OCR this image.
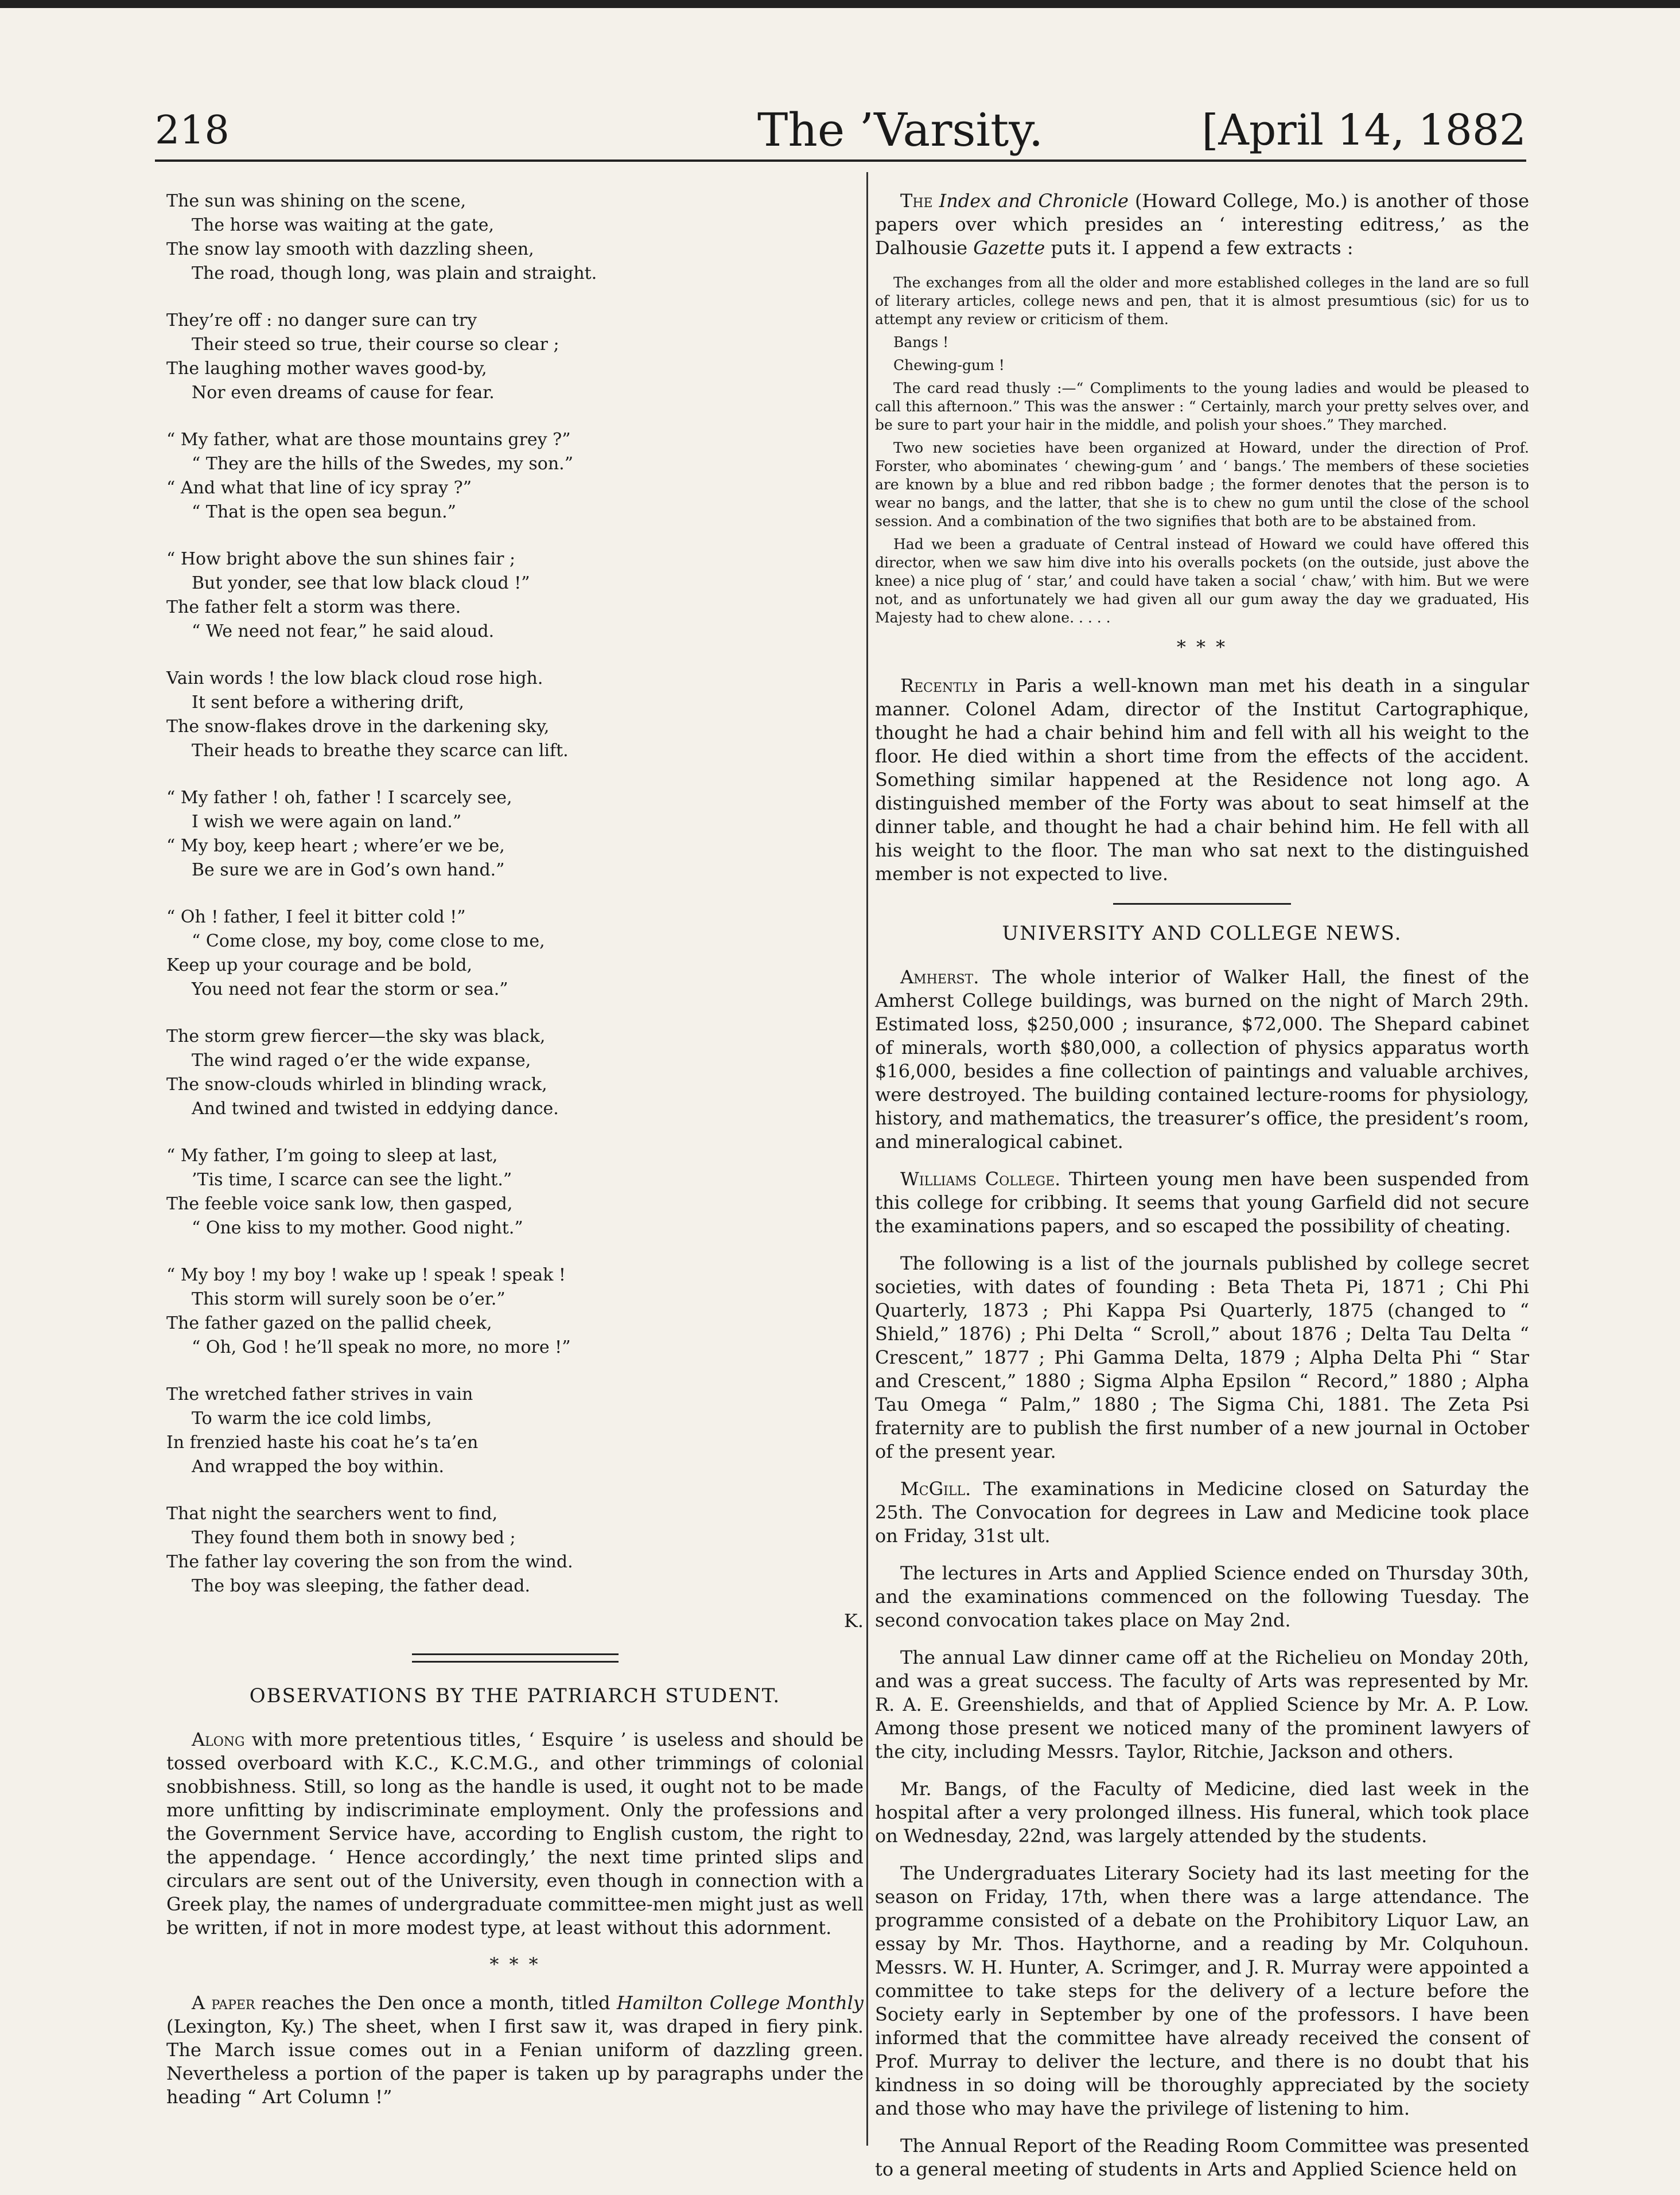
218	The ’Varsity.	[April 14, 1882
The sun was shining on the scene,
The horse was waiting at the gate,
The snow lay smooth with dazzling sheen,
The road, though long, was plain and straight.
They’re off : no danger sure can try
Their steed so true, their course so clear ;
The laughing mother waves good-by,
Nor even dreams of cause for fear.
“ My father, what are those mountains grey ?”
“ They are the hills of the Swedes, my son.”
“ And what that line of icy spray ?”
“ That is the open sea begun.”
“ How bright above the sun shines fair ;
But yonder, see that low black cloud !”
The father felt a storm was there.
“ We need not fear,” he said aloud.
Vain words ! the low black cloud rose high.
It sent before a withering drift,
The snow-flakes drove in the darkening sky,
Their heads to breathe they scarce can lift.
“ My father ! oh, father ! I scarcely see,
I wish we were again on land.”
“ My boy, keep heart ; where’er we be,
Be sure we are in God’s own hand.”
“ Oh ! father, I feel it bitter cold !”
“ Come close, my boy, come close to me,
Keep up your courage and be bold,
You need not fear the storm or sea.”
The storm grew fiercer—the sky was black,
The wind raged o’er the wide expanse,
The snow-clouds whirled in blinding wrack,
And twined and twisted in eddying dance.
“ My father, I’m going to sleep at last,
’Tis time, I scarce can see the light.”
The feeble voice sank low, then gasped,
“ One kiss to my mother. Good night.”
“ My boy ! my boy ! wake up ! speak ! speak !
This storm will surely soon be o’er.”
The father gazed on the pallid cheek,
“ Oh, God ! he’ll speak no more, no more !”
The wretched father strives in vain
To warm the ice cold limbs,
In frenzied haste his coat he’s ta’en
And wrapped the boy within.
That night the searchers went to find,
They found them both in snowy bed ;
The father lay covering the son from the wind.
The boy was sleeping, the father dead.
K.
OBSERVATIONS BY THE PATRIARCH STUDENT.

Along with more pretentious titles, ‘ Esquire ’ is useless and should be tossed overboard with K.C., K.C.M.G., and other trimmings of colonial snobbishness. Still, so long as the handle is used, it ought not to be made more unfitting by indiscriminate employment. Only the professions and the Government Service have, according to English custom, the right to the appendage. ‘ Hence accordingly,’ the next time printed slips and circulars are sent out of the University, even though in connection with a Greek play, the names of undergraduate committee-men might just as well be written, if not in more modest type, at least without this adornment.

* * *

A paper reaches the Den once a month, titled Hamilton College Monthly (Lexington, Ky.) The sheet, when I first saw it, was draped in fiery pink. The March issue comes out in a Fenian uniform of dazzling green. Nevertheless a portion of the paper is taken up by paragraphs under the heading “ Art Column !”

The Index and Chronicle (Howard College, Mo.) is another of those papers over which presides an ‘ interesting editress,’ as the Dalhousie Gazette puts it. I append a few extracts :

The exchanges from all the older and more established colleges in the land are so full of literary articles, college news and pen, that it is almost presumtious (sic) for us to attempt any review or criticism of them.

Bangs !

Chewing-gum !

The card read thusly :—“ Compliments to the young ladies and would be pleased to call this afternoon.” This was the answer : “ Certainly, march your pretty selves over, and be sure to part your hair in the middle, and polish your shoes.” They marched.

Two new societies have been organized at Howard, under the direction of Prof. Forster, who abominates ‘ chewing-gum ’ and ‘ bangs.’ The members of these societies are known by a blue and red ribbon badge ; the former denotes that the person is to wear no bangs, and the latter, that she is to chew no gum until the close of the school session. And a combination of the two signifies that both are to be abstained from.

Had we been a graduate of Central instead of Howard we could have offered this director, when we saw him dive into his overalls pockets (on the outside, just above the knee) a nice plug of ‘ star,’ and could have taken a social ‘ chaw,’ with him. But we were not, and as unfortunately we had given all our gum away the day we graduated, His Majesty had to chew alone. . . . .

* * *

Recently in Paris a well-known man met his death in a singular manner. Colonel Adam, director of the Institut Cartographique, thought he had a chair behind him and fell with all his weight to the floor. He died within a short time from the effects of the accident. Something similar happened at the Residence not long ago. A distinguished member of the Forty was about to seat himself at the dinner table, and thought he had a chair behind him. He fell with all his weight to the floor. The man who sat next to the distinguished member is not expected to live.

UNIVERSITY AND COLLEGE NEWS.

Amherst. The whole interior of Walker Hall, the finest of the Amherst College buildings, was burned on the night of March 29th. Estimated loss, $250,000 ; insurance, $72,000. The Shepard cabinet of minerals, worth $80,000, a collection of physics apparatus worth $16,000, besides a fine collection of paintings and valuable archives, were destroyed. The building contained lecture-rooms for physiology, history, and mathematics, the treasurer’s office, the president’s room, and mineralogical cabinet.

Williams College. Thirteen young men have been suspended from this college for cribbing. It seems that young Garfield did not secure the examinations papers, and so escaped the possibility of cheating.

The following is a list of the journals published by college secret societies, with dates of founding : Beta Theta Pi, 1871 ; Chi Phi Quarterly, 1873 ; Phi Kappa Psi Quarterly, 1875 (changed to “ Shield,” 1876) ; Phi Delta “ Scroll,” about 1876 ; Delta Tau Delta “ Crescent,” 1877 ; Phi Gamma Delta, 1879 ; Alpha Delta Phi “ Star and Crescent,” 1880 ; Sigma Alpha Epsilon “ Record,” 1880 ; Alpha Tau Omega “ Palm,” 1880 ; The Sigma Chi, 1881. The Zeta Psi fraternity are to publish the first number of a new journal in October of the present year.

McGill. The examinations in Medicine closed on Saturday the 25th. The Convocation for degrees in Law and Medicine took place on Friday, 31st ult.

The lectures in Arts and Applied Science ended on Thursday 30th, and the examinations commenced on the following Tuesday. The second convocation takes place on May 2nd.

The annual Law dinner came off at the Richelieu on Monday 20th, and was a great success. The faculty of Arts was represented by Mr. R. A. E. Greenshields, and that of Applied Science by Mr. A. P. Low. Among those present we noticed many of the prominent lawyers of the city, including Messrs. Taylor, Ritchie, Jackson and others.

Mr. Bangs, of the Faculty of Medicine, died last week in the hospital after a very prolonged illness. His funeral, which took place on Wednesday, 22nd, was largely attended by the students.

The Undergraduates Literary Society had its last meeting for the season on Friday, 17th, when there was a large attendance. The programme consisted of a debate on the Prohibitory Liquor Law, an essay by Mr. Thos. Haythorne, and a reading by Mr. Colquhoun. Messrs. W. H. Hunter, A. Scrimger, and J. R. Murray were appointed a committee to take steps for the delivery of a lecture before the Society early in September by one of the professors. I have been informed that the committee have already received the consent of Prof. Murray to deliver the lecture, and there is no doubt that his kindness in so doing will be thoroughly appreciated by the society and those who may have the privilege of listening to him.

The Annual Report of the Reading Room Committee was presented to a general meeting of students in Arts and Applied Science held on
